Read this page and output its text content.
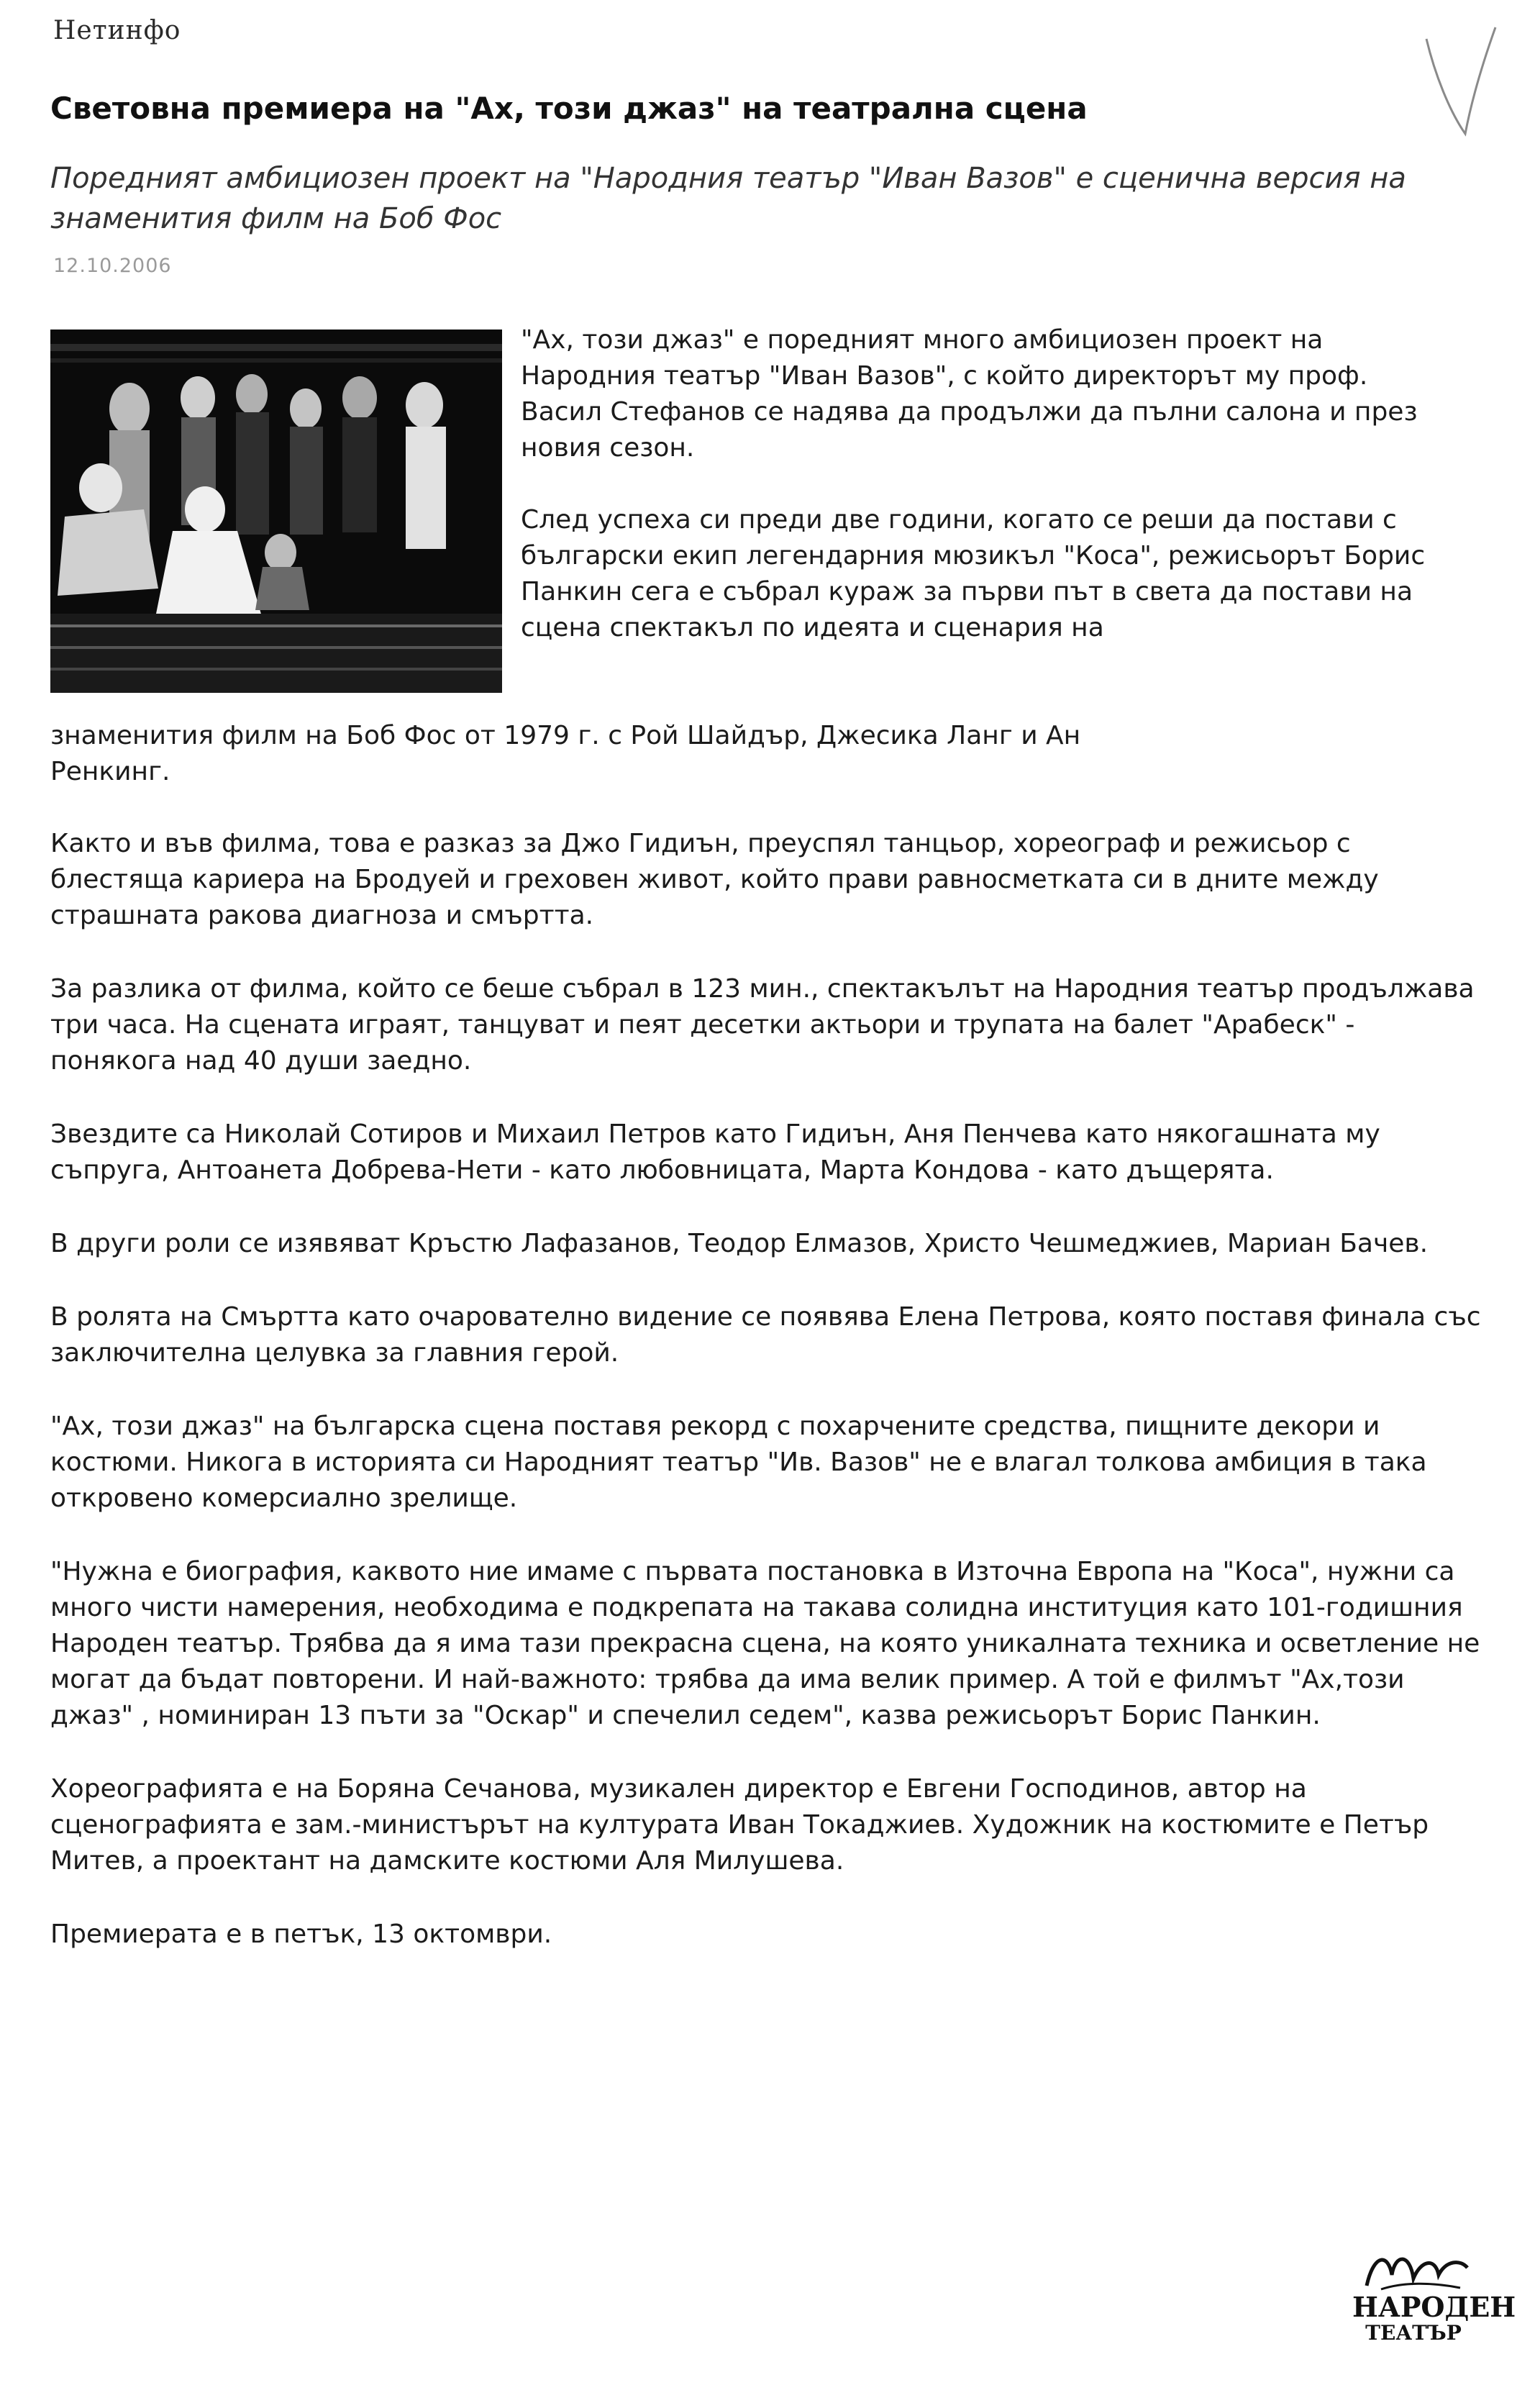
Нетинфо
Световна премиера на "Ах, този джаз" на театрална сцена
Поредният амбициозен проект на "Народния театър "Иван Вазов" е сценична версия на знаменития филм на Боб Фос
12.10.2006

"Ах, този джаз" е поредният много амбициозен проект на Народния театър "Иван Вазов", с който директорът му проф. Васил Стефанов се надява да продължи да пълни салона и през новия сезон.

След успеха си преди две години, когато се реши да постави с български екип легендарния мюзикъл "Коса", режисьорът Борис Панкин сега е събрал кураж за първи път в света да постави на сцена спектакъл по идеята и сценария на

знаменития филм на Боб Фос от 1979 г. с Рой Шайдър, Джесика Ланг и Ан Ренкинг.

Както и във филма, това е разказ за Джо Гидиън, преуспял танцьор, хореограф и режисьор с блестяща кариера на Бродуей и греховен живот, който прави равносметката си в дните между страшната ракова диагноза и смъртта.

За разлика от филма, който се беше събрал в 123 мин., спектакълът на Народния театър продължава три часа. На сцената играят, танцуват и пеят десетки актьори и трупата на балет "Арабеск" - понякога над 40 души заедно.

Звездите са Николай Сотиров и Михаил Петров като Гидиън, Аня Пенчева като някогашната му съпруга, Антоанета Добрева-Нети - като любовницата, Марта Кондова - като дъщерята.

В други роли се изявяват Кръстю Лафазанов, Теодор Елмазов, Христо Чешмеджиев, Мариан Бачев.

В ролята на Смъртта като очарователно видение се появява Елена Петрова, която поставя финала със заключителна целувка за главния герой.

"Ах, този джаз" на българска сцена поставя рекорд с похарчените средства, пищните декори и костюми. Никога в историята си Народният театър "Ив. Вазов" не е влагал толкова амбиция в така откровено комерсиално зрелище.

"Нужна е биография, каквото ние имаме с първата постановка в Източна Европа на "Коса", нужни са много чисти намерения, необходима е подкрепата на такава солидна институция като 101-годишния Народен театър. Трябва да я има тази прекрасна сцена, на която уникалната техника и осветление не могат да бъдат повторени. И най-важното: трябва да има велик пример. А той е филмът "Ах,този джаз" , номиниран 13 пъти за "Оскар" и спечелил седем", казва режисьорът Борис Панкин.

Хореографията е на Боряна Сечанова, музикален директор е Евгени Господинов, автор на сценографията е зам.-министърът на културата Иван Токаджиев. Художник на костюмите е Петър Митев, а проектант на дамските костюми Аля Милушева.

Премиерата е в петък, 13 октомври.

НАРОДЕН
ТЕАТЪР
